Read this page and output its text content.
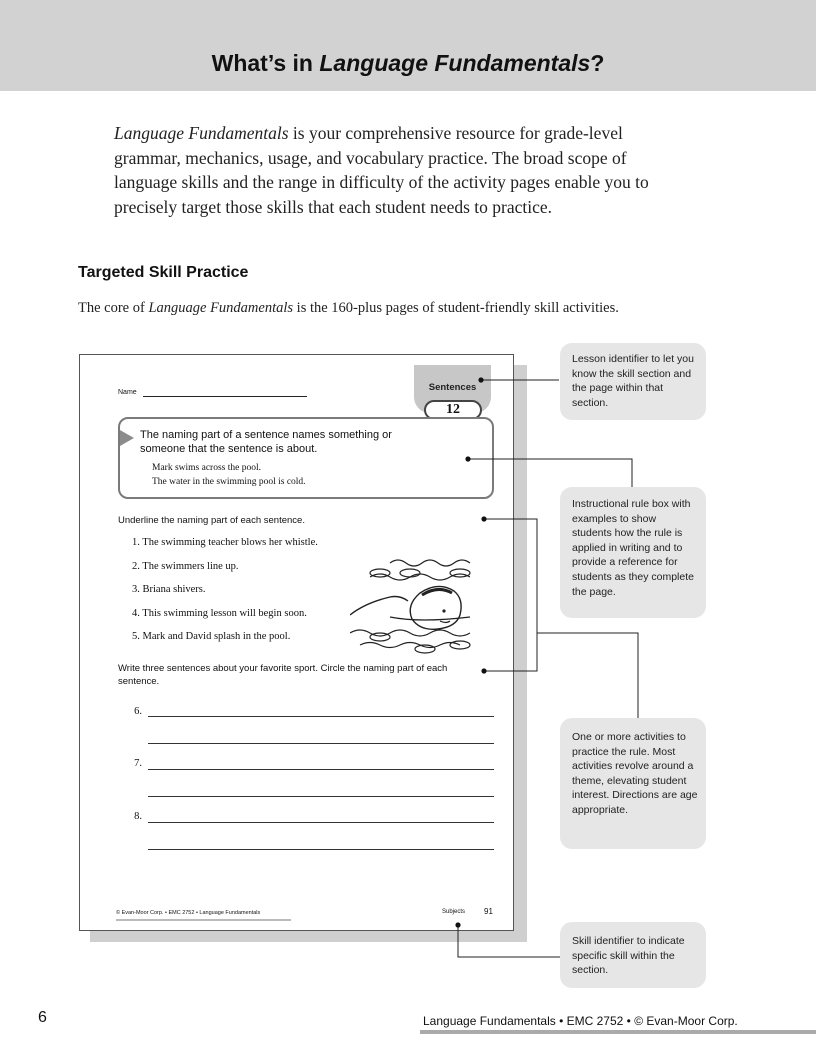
What’s in Language Fundamentals?
Language Fundamentals is your comprehensive resource for grade-level grammar, mechanics, usage, and vocabulary practice. The broad scope of language skills and the range in difficulty of the activity pages enable you to precisely target those skills that each student needs to practice.
Targeted Skill Practice
The core of Language Fundamentals is the 160-plus pages of student-friendly skill activities.
Name	Sentences
12
The naming part of a sentence names something or someone that the sentence is about.
Mark swims across the pool.
The water in the swimming pool is cold.
Underline the naming part of each sentence.
1. The swimming teacher blows her whistle.
2. The swimmers line up.
3. Briana shivers.
4. This swimming lesson will begin soon.
5. Mark and David splash in the pool.
Write three sentences about your favorite sport. Circle the naming part of each sentence.
6.
7.
8.
© Evan-Moor Corp. • EMC 2752 • Language Fundamentals	Subjects 91
Lesson identifier to let you know the skill section and the page within that section.
Instructional rule box with examples to show students how the rule is applied in writing and to provide a reference for students as they complete the page.
One or more activities to practice the rule. Most activities revolve around a theme, elevating student interest. Directions are age appropriate.
Skill identifier to indicate specific skill within the section.
6	Language Fundamentals • EMC 2752 • © Evan-Moor Corp.
